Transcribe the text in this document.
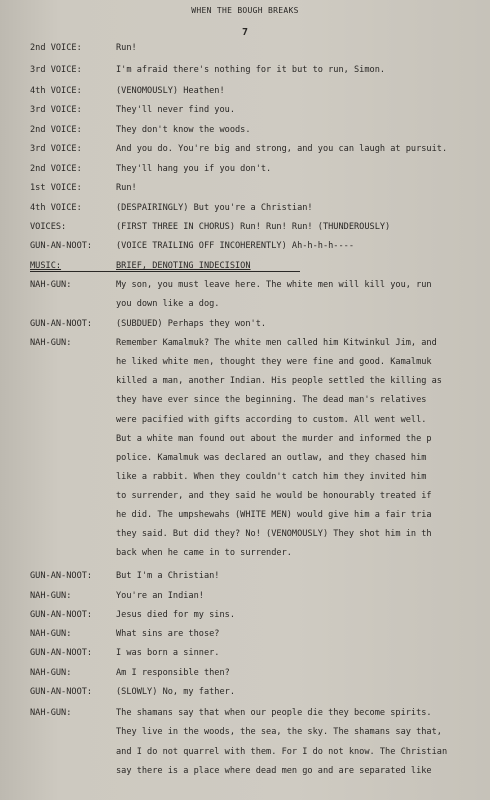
WHEN THE BOUGH BREAKS
7
2nd VOICE:	Run!
3rd VOICE:	I'm afraid there's nothing for it but to run, Simon.
4th VOICE:	(VENOMOUSLY) Heathen!
3rd VOICE:	They'll never find you.
2nd VOICE:	They don't know the woods.
3rd VOICE:	And you do. You're big and strong, and you can laugh at pursuit.
2nd VOICE:	They'll hang you if you don't.
1st VOICE:	Run!
4th VOICE:	(DESPAIRINGLY) But you're a Christian!
VOICES:	(FIRST THREE IN CHORUS) Run! Run! Run! (THUNDEROUSLY)
GUN-AN-NOOT:	(VOICE TRAILING OFF INCOHERENTLY) Ah-h-h-h----
MUSIC:	BRIEF, DENOTING INDECISION
NAH-GUN:	My son, you must leave here. The white men will kill you, run
you down like a dog.
GUN-AN-NOOT:	(SUBDUED) Perhaps they won't.
NAH-GUN:	Remember Kamalmuk? The white men called him Kitwinkul Jim, and
he liked white men, thought they were fine and good. Kamalmuk
killed a man, another Indian. His people settled the killing as
they have ever since the beginning. The dead man's relatives
were pacified with gifts according to custom. All went well.
But a white man found out about the murder and informed the p
police. Kamalmuk was declared an outlaw, and they chased him
like a rabbit. When they couldn't catch him they invited him
to surrender, and they said he would be honourably treated if
he did. The umpshewahs (WHITE MEN) would give him a fair tria
they said. But did they? No! (VENOMOUSLY) They shot him in th
back when he came in to surrender.
GUN-AN-NOOT:	But I'm a Christian!
NAH-GUN:	You're an Indian!
GUN-AN-NOOT:	Jesus died for my sins.
NAH-GUN:	What sins are those?
GUN-AN-NOOT:	I was born a sinner.
NAH-GUN:	Am I responsible then?
GUN-AN-NOOT:	(SLOWLY) No, my father.
NAH-GUN:	The shamans say that when our people die they become spirits.
They live in the woods, the sea, the sky. The shamans say that,
and I do not quarrel with them. For I do not know. The Christian
say there is a place where dead men go and are separated like
